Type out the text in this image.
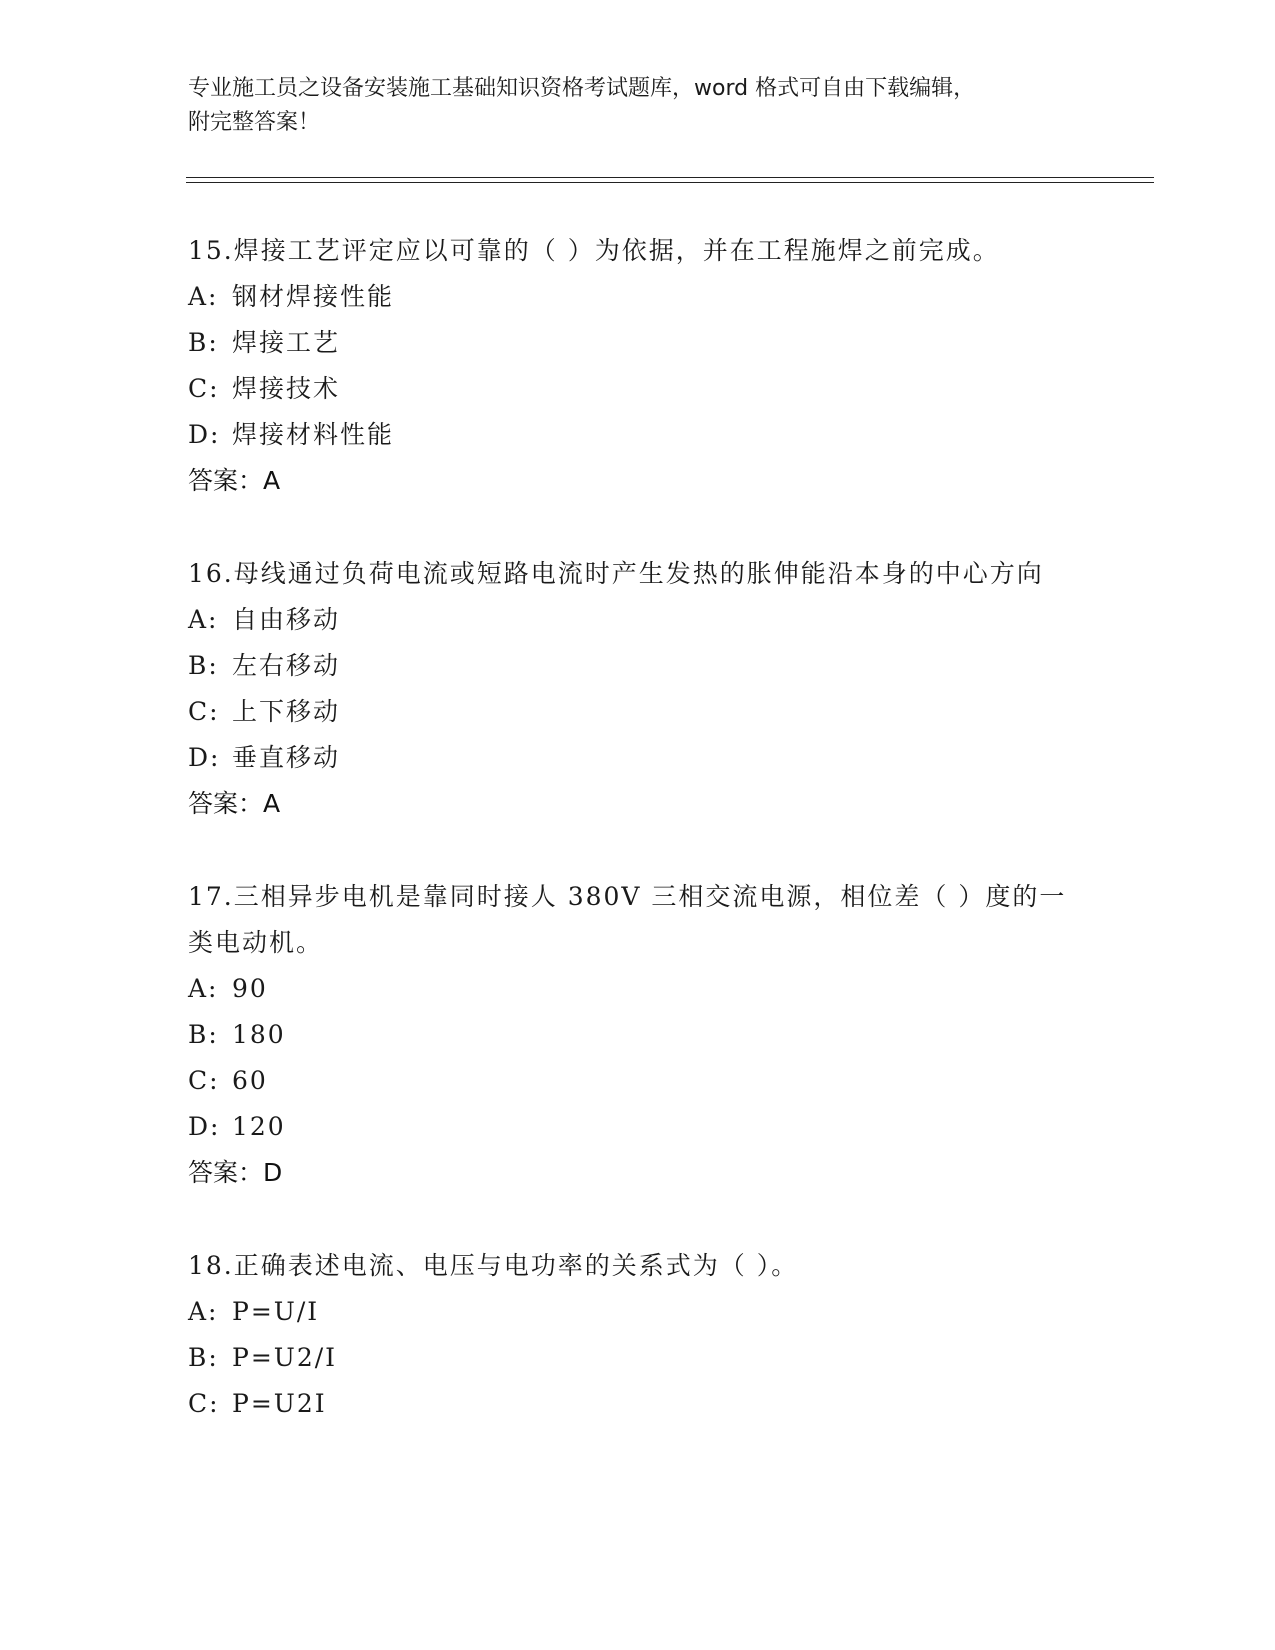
专业施工员之设备安装施工基础知识资格考试题库，word 格式可自由下载编辑，
附完整答案！

15.焊接工艺评定应以可靠的（ ）为依据，并在工程施焊之前完成。

A: 钢材焊接性能

B: 焊接工艺

C: 焊接技术

D: 焊接材料性能

答案：A

16.母线通过负荷电流或短路电流时产生发热的胀伸能沿本身的中心方向

A: 自由移动

B: 左右移动

C: 上下移动

D: 垂直移动

答案：A

17.三相异步电机是靠同时接人 380V 三相交流电源，相位差（ ）度的一类电动机。

A: 90

B: 180

C: 60

D: 120

答案：D

18.正确表述电流、电压与电功率的关系式为（ ）。

A: P=U/I

B: P=U2/I

C: P=U2I
